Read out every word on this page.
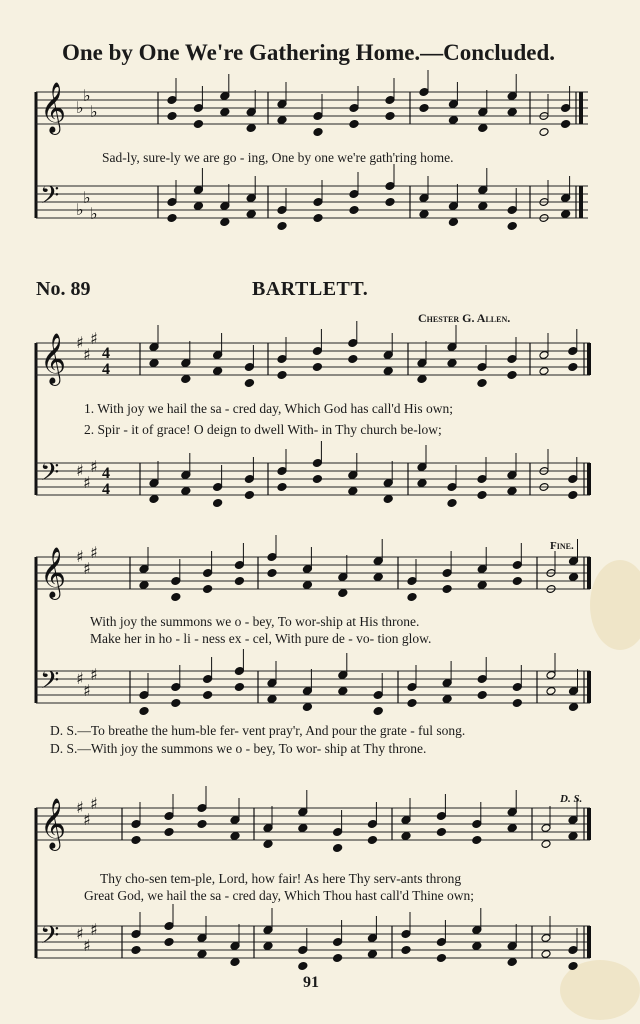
One by One We're Gathering Home.—Concluded.
𝄞 ♭
♭
♭
𝄢 ♭
♭
♭
𝄞 ♯
♯
♯
4
4
𝄢 ♯
♯
♯ 4
4
𝄞 ♯
♯
♯
𝄢 ♯
♯
♯
𝄞 ♯
♯
♯
𝄢 ♯
♯
♯
Sad-ly, sure-ly we are go - ing, One by one we're gath'ring home.
No. 89	BARTLETT.
Chester G. Allen.
1. With joy we hail the sa - cred day, Which God has call'd His own;
2. Spir - it of grace! O deign to dwell With- in Thy church be-low;
Fine.
With joy the summons we o - bey, To wor-ship at His throne.
Make her in ho - li - ness ex - cel, With pure de - vo- tion glow.
D. S.—To breathe the hum-ble fer- vent pray'r, And pour the grate - ful song.
D. S.—With joy the summons we o - bey, To wor- ship at Thy throne.
D. S.
Thy cho-sen tem-ple, Lord, how fair! As here Thy serv-ants throng
Great God, we hail the sa - cred day, Which Thou hast call'd Thine own;
91
